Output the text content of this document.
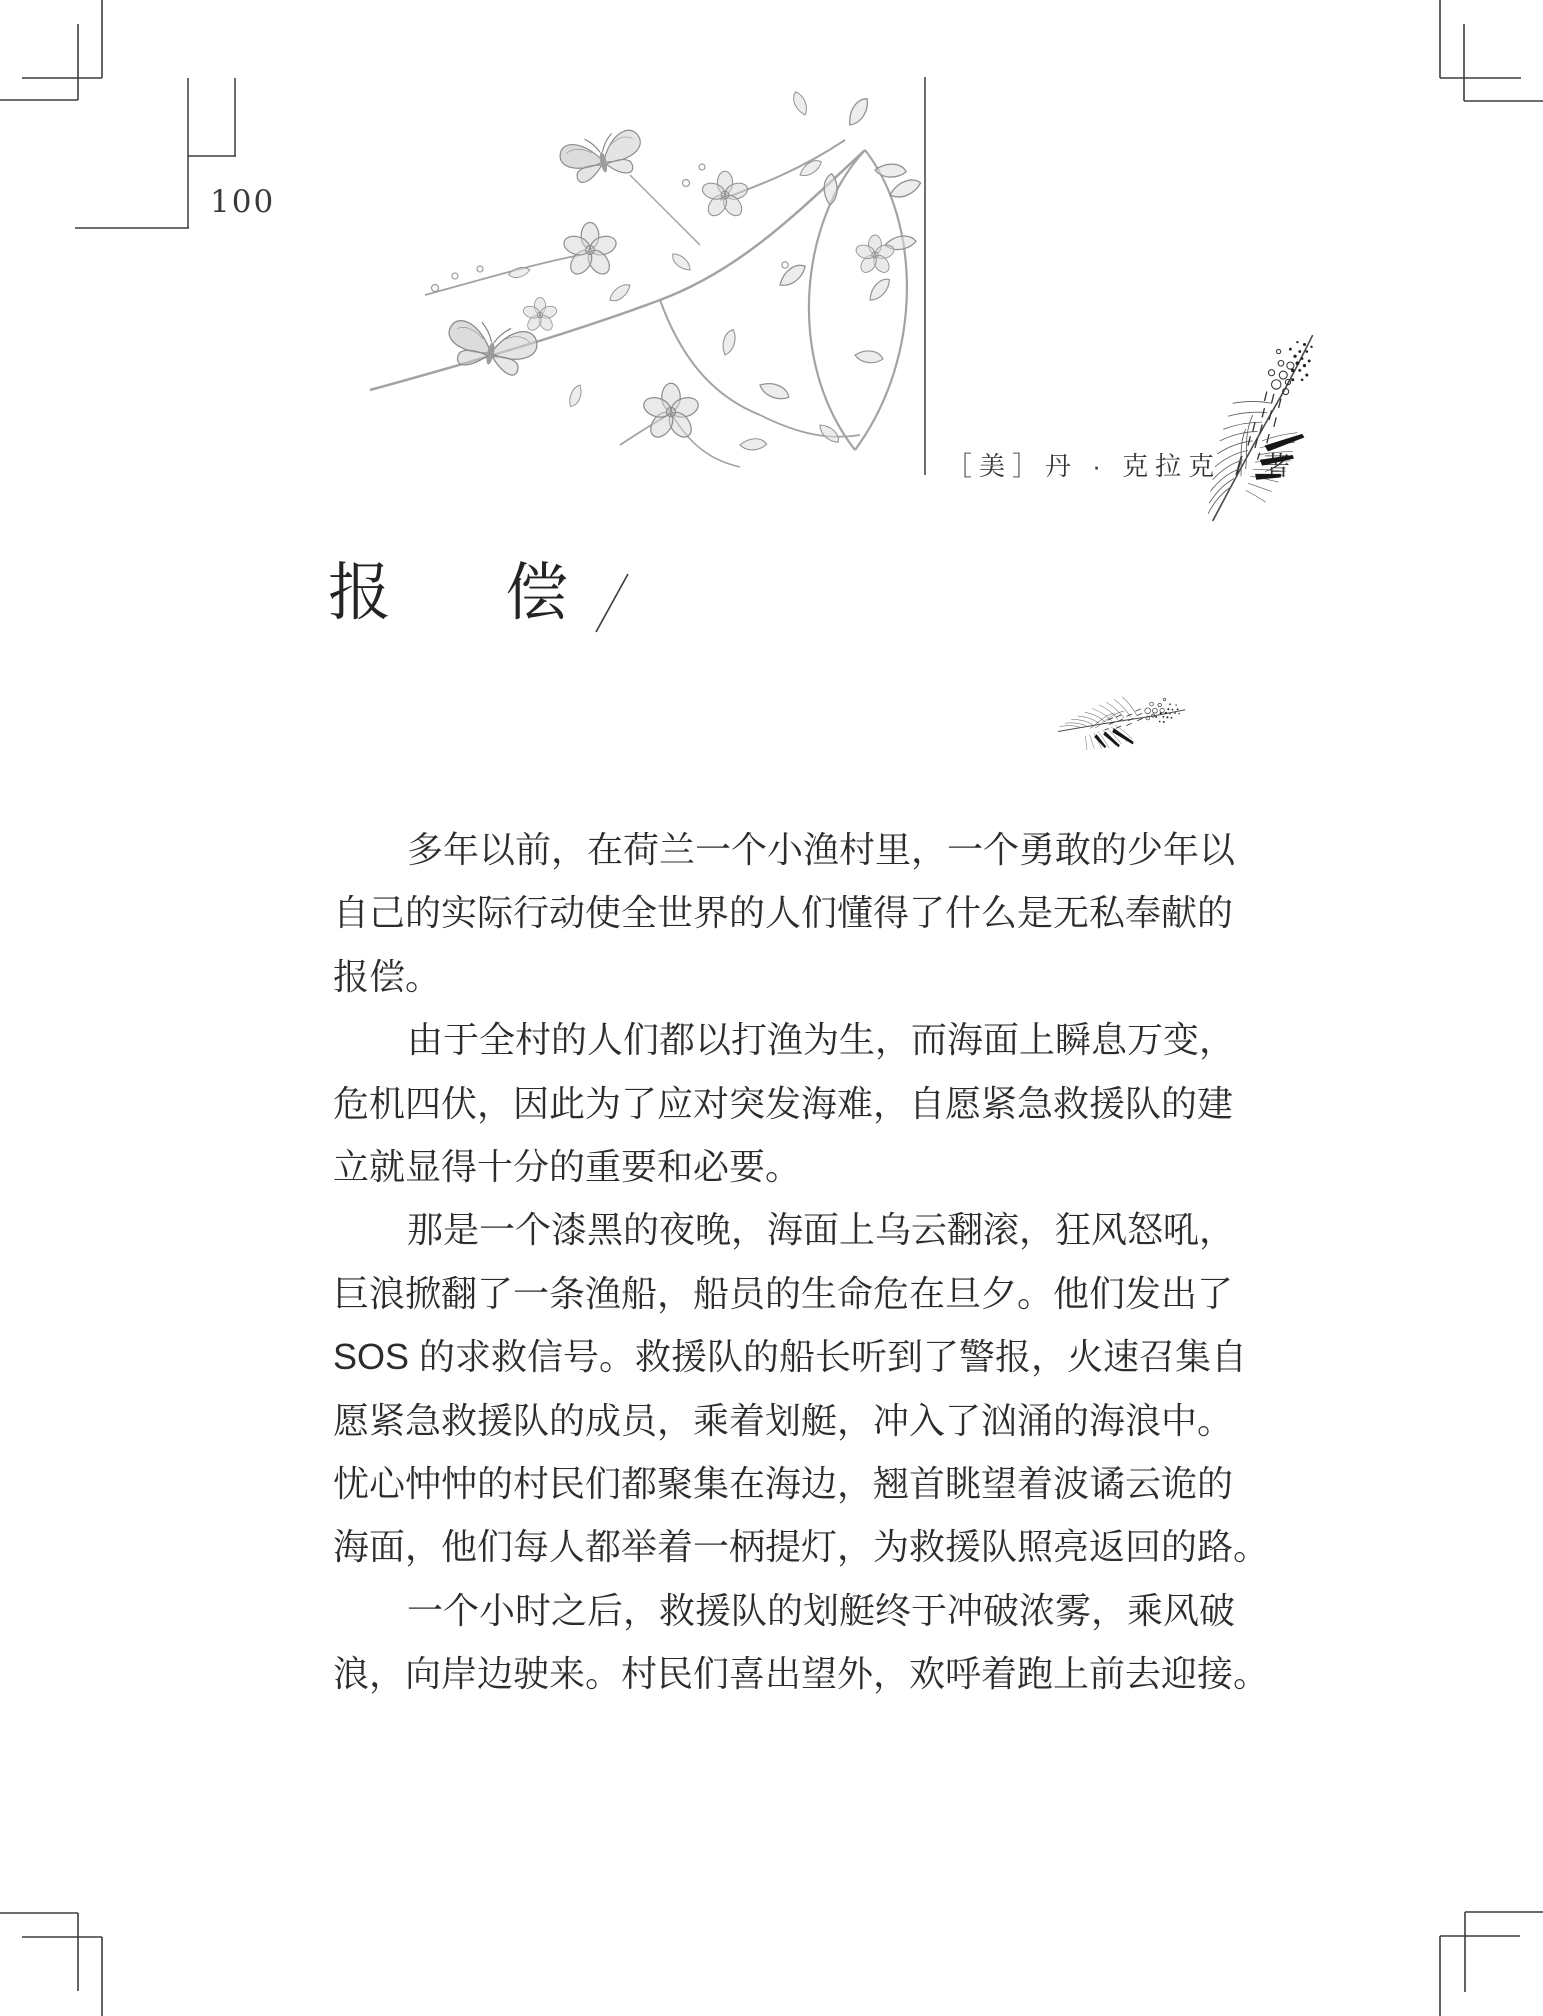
100
［美］丹 · 克拉克 / 著
报 偿
多年以前，在荷兰一个小渔村里，一个勇敢的少年以
自己的实际行动使全世界的人们懂得了什么是无私奉献的
报偿。
由于全村的人们都以打渔为生，而海面上瞬息万变，
危机四伏，因此为了应对突发海难，自愿紧急救援队的建
立就显得十分的重要和必要。
那是一个漆黑的夜晚，海面上乌云翻滚，狂风怒吼，
巨浪掀翻了一条渔船，船员的生命危在旦夕。他们发出了
SOS 的求救信号。救援队的船长听到了警报，火速召集自
愿紧急救援队的成员，乘着划艇，冲入了汹涌的海浪中。
忧心忡忡的村民们都聚集在海边，翘首眺望着波谲云诡的
海面，他们每人都举着一柄提灯，为救援队照亮返回的路。
一个小时之后，救援队的划艇终于冲破浓雾，乘风破
浪，向岸边驶来。村民们喜出望外，欢呼着跑上前去迎接。
